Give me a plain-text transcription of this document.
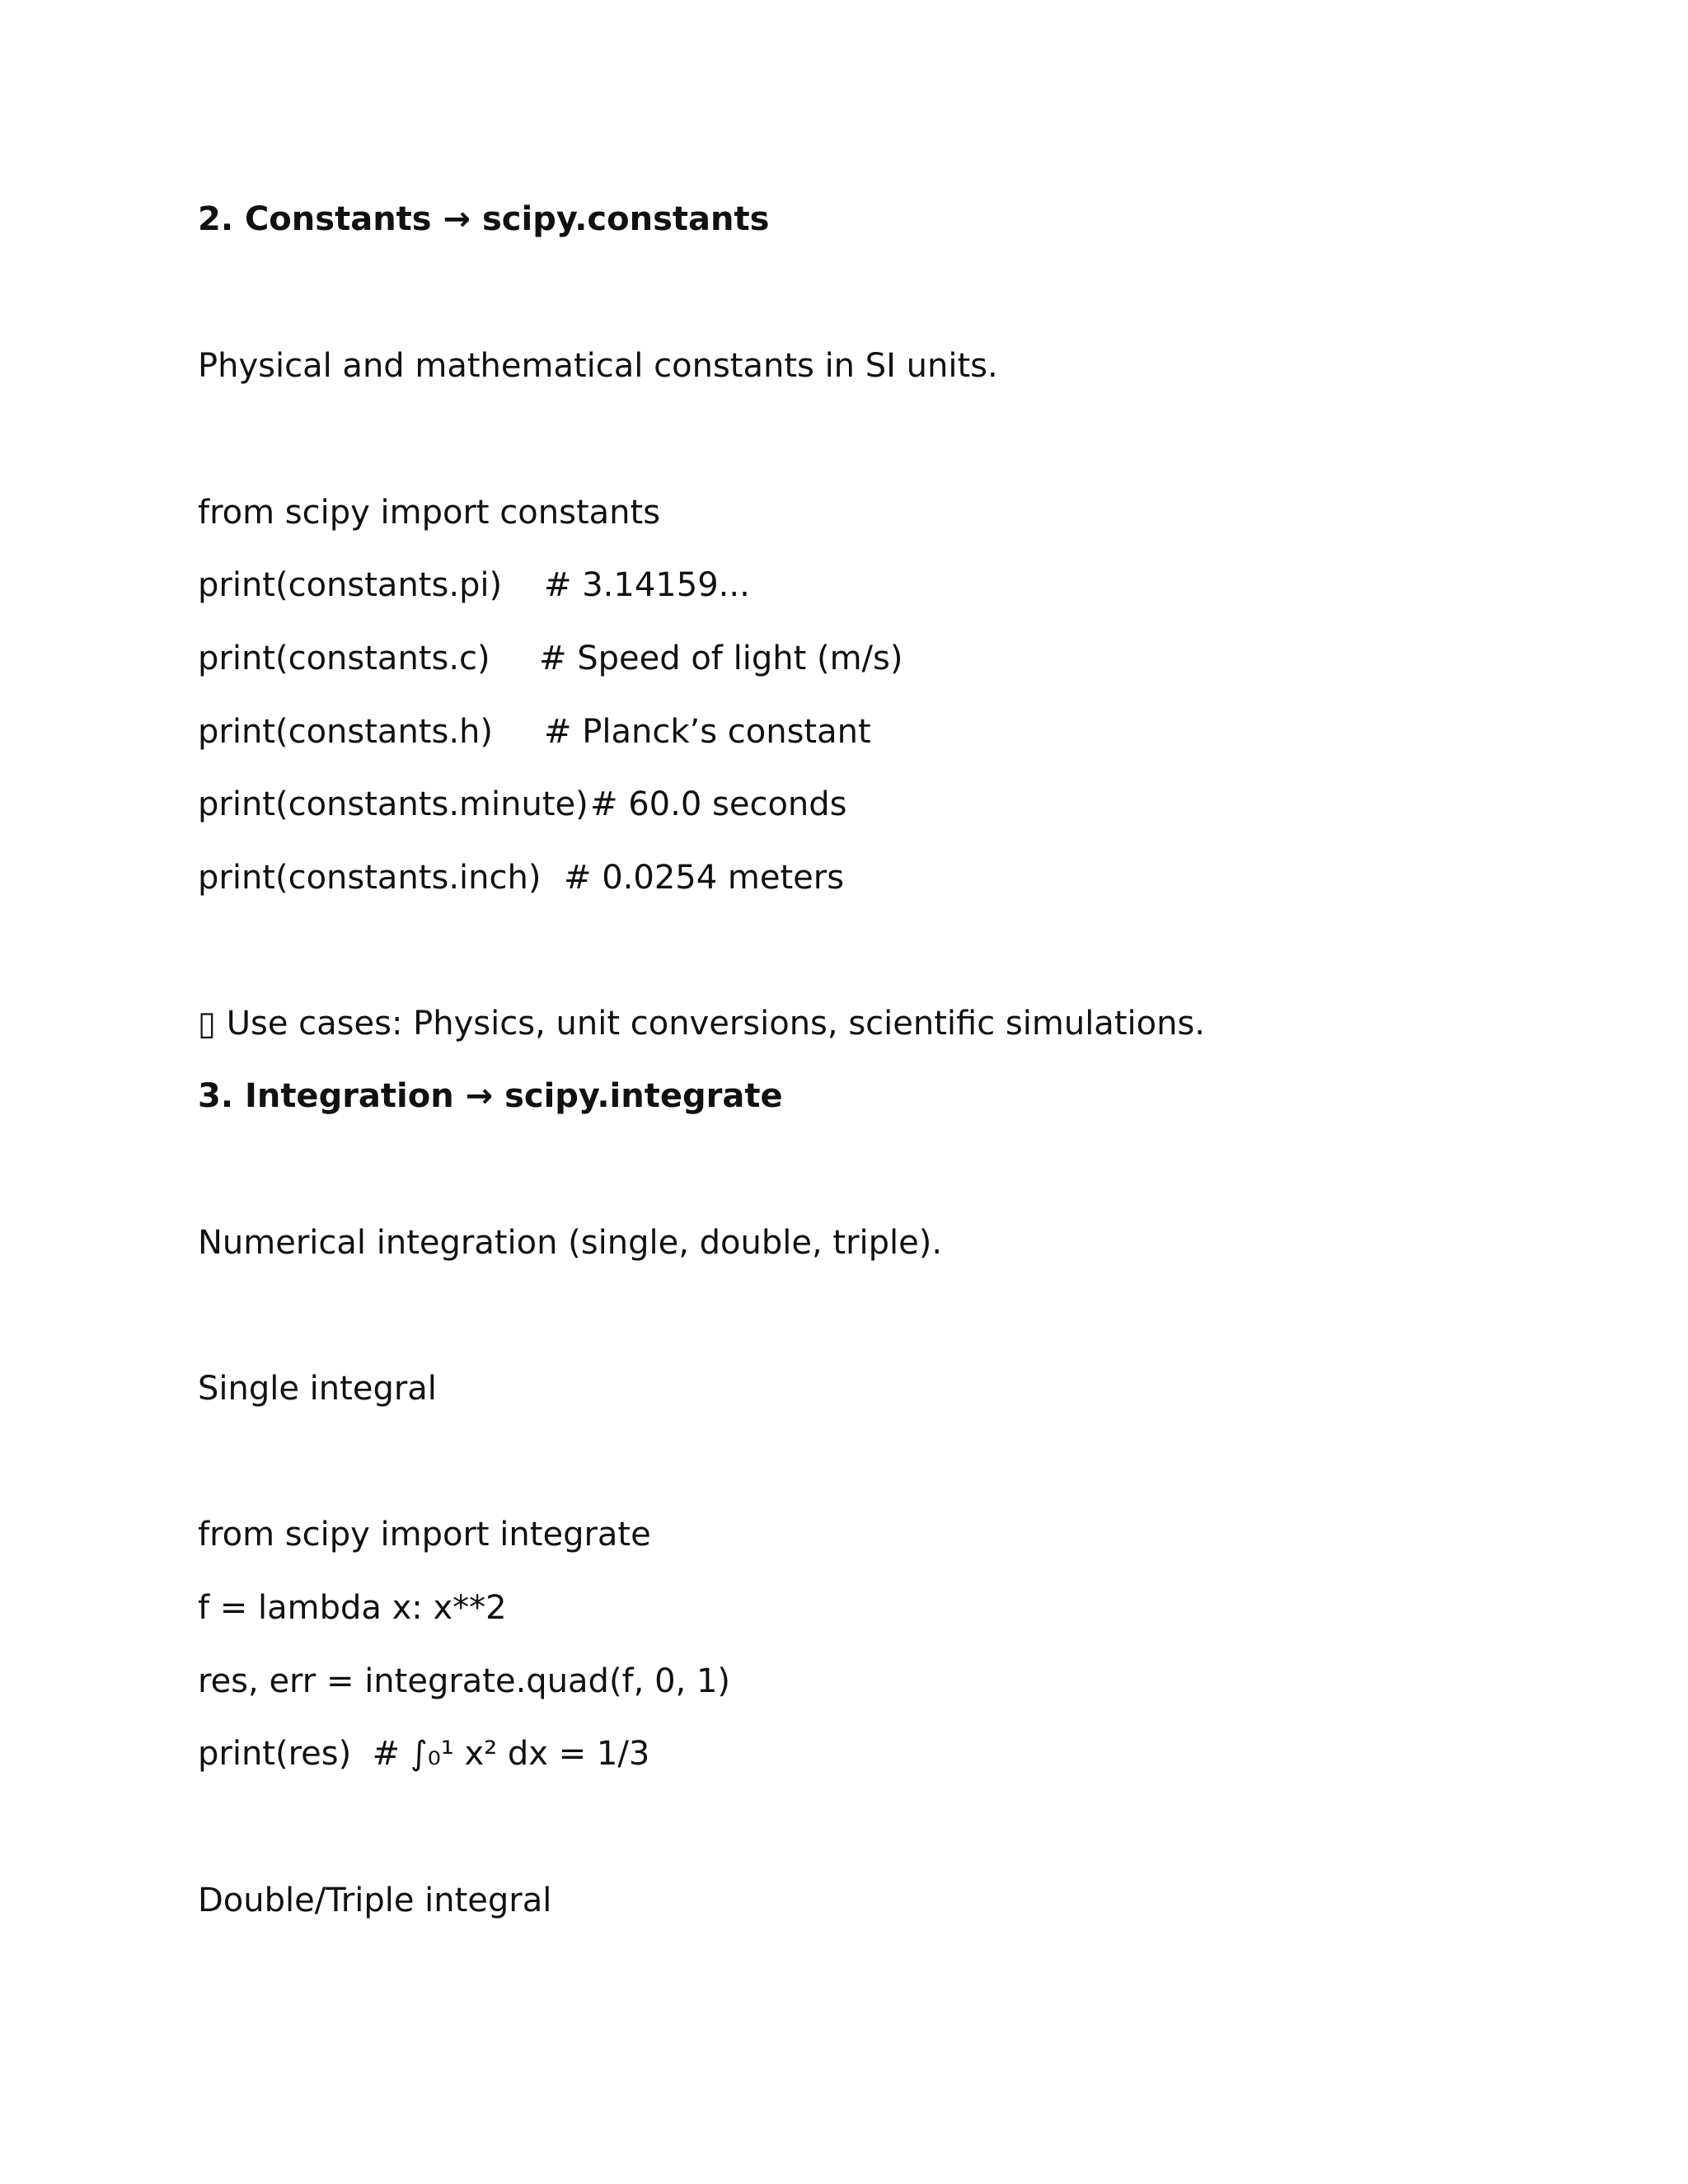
2. Constants → scipy.constants
Physical and mathematical constants in SI units.
from scipy import constants

print(constants.pi)

# 3.14159...

print(constants.c)

# Speed of light (m/s)

print(constants.h)

# Planck’s constant

print(constants.minute)

# 60.0 seconds

print(constants.inch)

# 0.0254 meters

▯ Use cases: Physics, unit conversions, scientific simulations.
3. Integration → scipy.integrate
Numerical integration (single, double, triple).
Single integral
from scipy import integrate
f = lambda x: x**2
res, err = integrate.quad(f, 0, 1)
print(res)  # ∫₀¹ x² dx = 1/3
Double/Triple integral
